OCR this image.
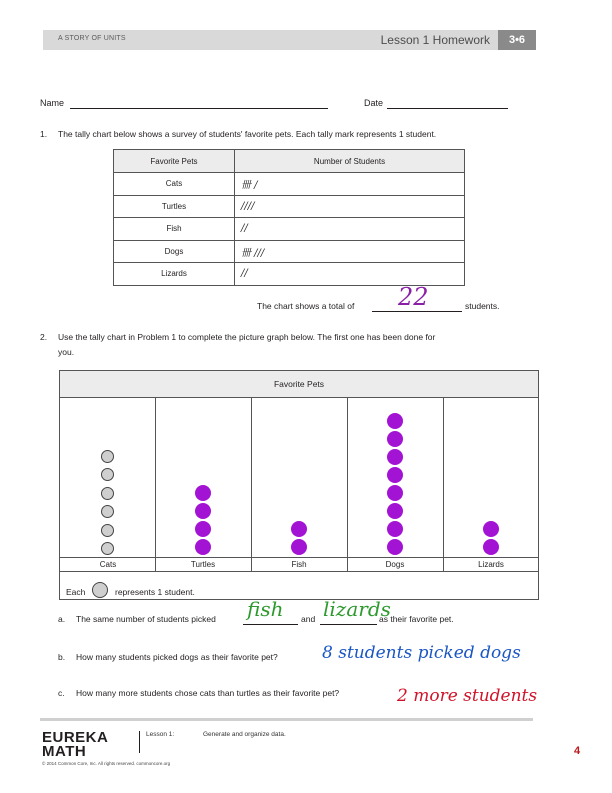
A STORY OF UNITS	Lesson 1 Homework	3•6
Name	Date
1. The tally chart below shows a survey of students' favorite pets. Each tally mark represents 1 student.
Favorite Pets	Number of Students
Cats	卌 /
Turtles	////
Fish	//
Dogs	卌 ///
Lizards	//
The chart shows a total of 22	students.
2. Use the tally chart in Problem 1 to complete the picture graph below. The first one has been done for
you.
Favorite Pets
Cats	Turtles	Fish	Dogs	Lizards
Each	represents 1 student.
a. The same number of students picked fish and lizards
as their favorite pet.
b. How many students picked dogs as their favorite pet?	8 students picked dogs
c. How many more students chose cats than turtles as their favorite pet?	2 more students
EUREKA
MATH
Lesson 1:	Generate and organize data.
© 2014 Common Core, Inc. All rights reserved. commoncore.org
4
